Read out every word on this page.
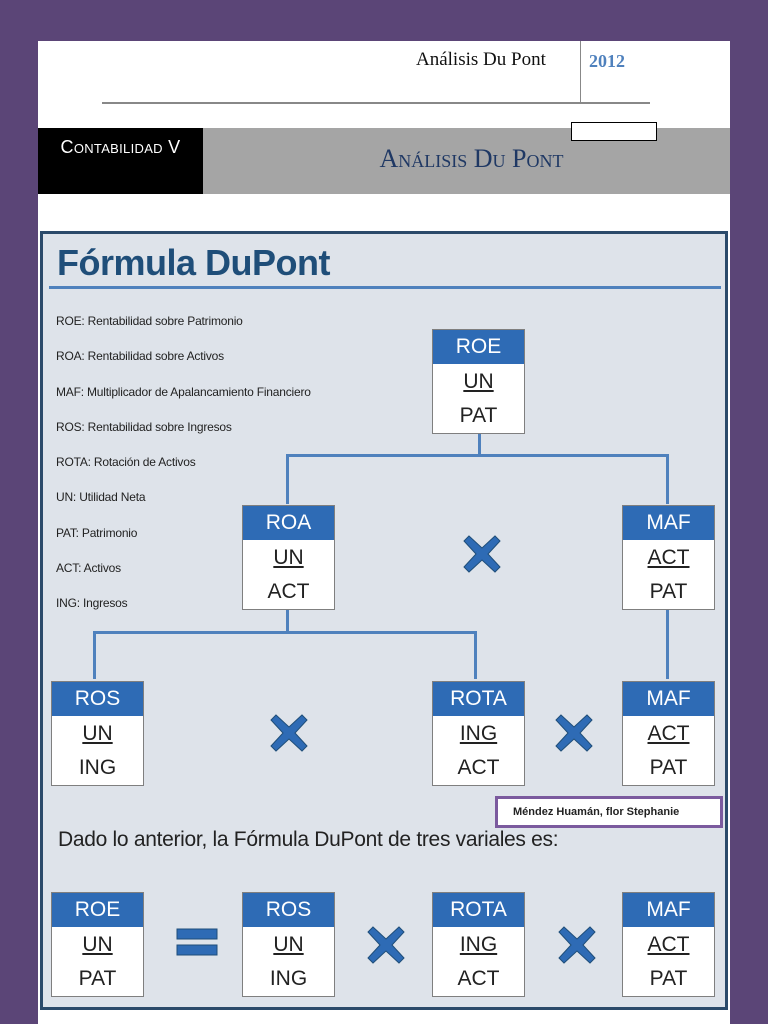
Análisis Du Pont 2012
Contabilidad V	Análisis Du Pont
Fórmula DuPont
ROE: Rentabilidad sobre Patrimonio
ROA: Rentabilidad sobre Activos
MAF: Multiplicador de Apalancamiento Financiero
ROS: Rentabilidad sobre Ingresos
ROTA: Rotación de Activos
UN: Utilidad Neta
PAT: Patrimonio
ACT: Activos
ING: Ingresos
ROE
UN
PAT
ROA
UN
ACT
MAF
ACT
PAT
ROS
UN
ING
ROTA
ING
ACT
MAF
ACT
PAT
Dado lo anterior, la Fórmula DuPont de tres variales es:
ROE
UN
PAT
ROS
UN
ING
ROTA
ING
ACT
MAF
ACT
PAT
Méndez Huamán, flor Stephanie
